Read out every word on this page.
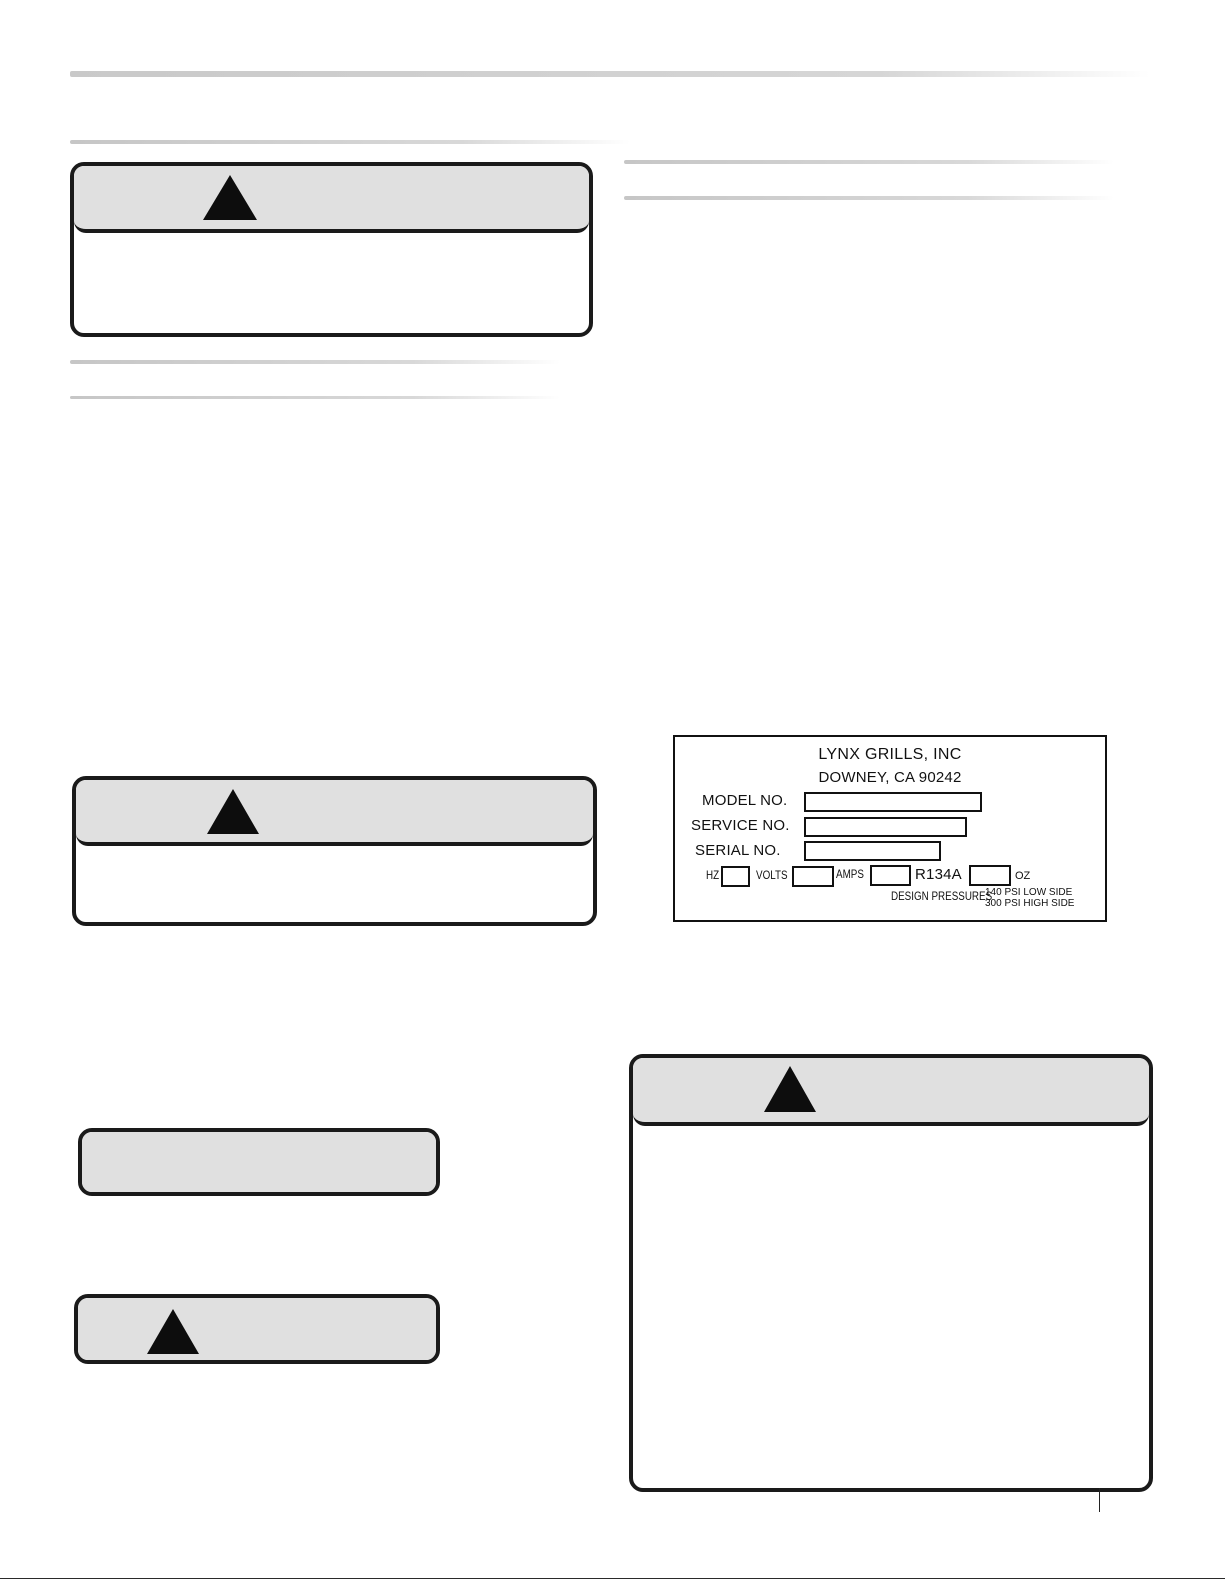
LYNX GRILLS, INC
DOWNEY, CA 90242
MODEL NO.
SERVICE NO.
SERIAL NO.
HZ	VOLTS	AMPS	R134A	OZ
DESIGN PRESSURES
140 PSI LOW SIDE
300 PSI HIGH SIDE
